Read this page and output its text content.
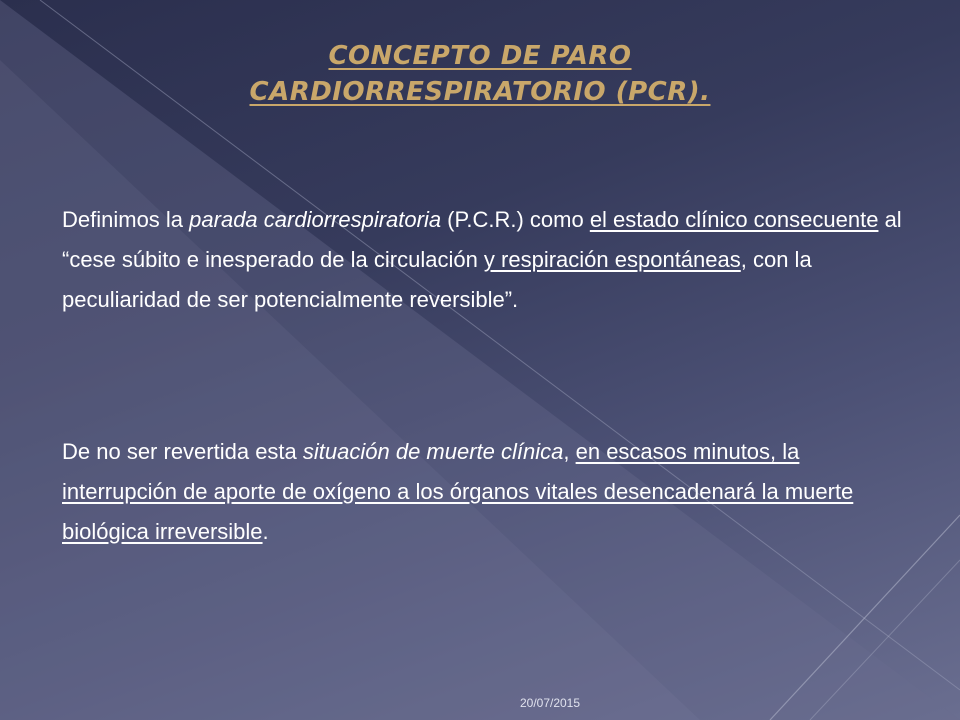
CONCEPTO DE PARO
CARDIORRESPIRATORIO (PCR).
Definimos la parada cardiorrespiratoria (P.C.R.) como el estado clínico consecuente al “cese súbito e inesperado de la circulación y respiración espontáneas, con la peculiaridad de ser potencialmente reversible”.
De no ser revertida esta situación de muerte clínica, en escasos minutos, la interrupción de aporte de oxígeno a los órganos vitales desencadenará la muerte biológica irreversible.
20/07/2015
